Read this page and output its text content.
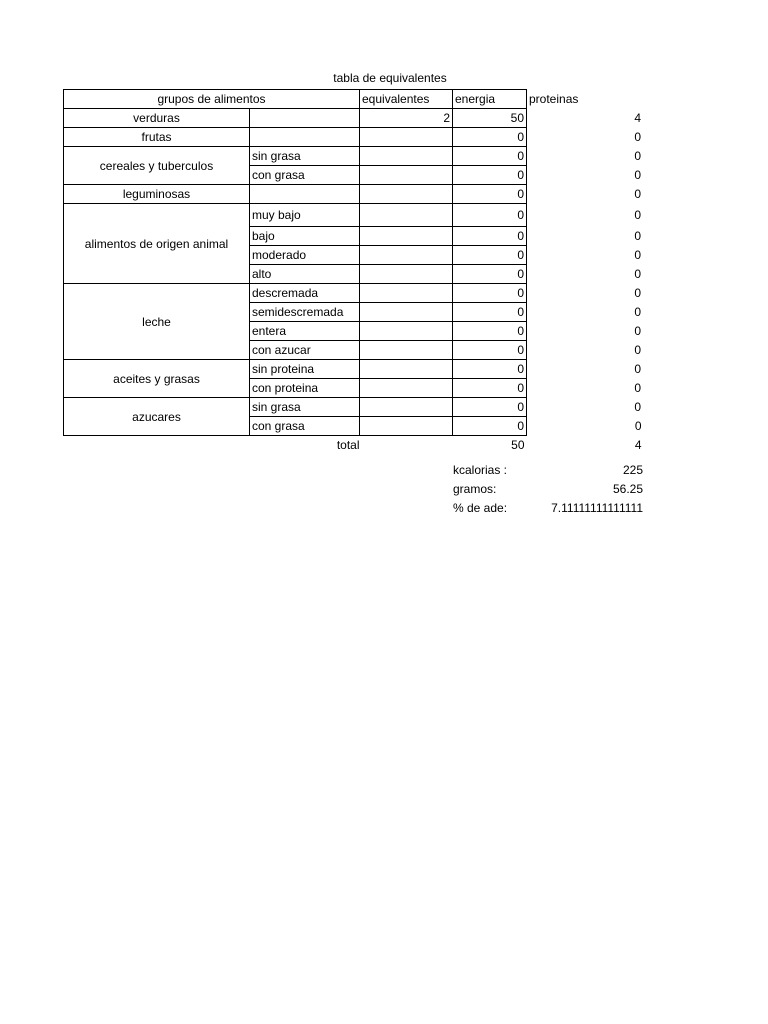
tabla de equivalentes
grupos de alimentos		equivalentes	energia	proteinas
verduras		2	50	4
frutas			0	0
cereales y tuberculos	sin grasa		0	0
	con grasa		0	0
leguminosas			0	0
alimentos de origen animal	muy bajo		0	0
	bajo		0	0
	moderado		0	0
	alto		0	0
leche	descremada		0	0
	semidescremada		0	0
	entera		0	0
	con azucar		0	0
aceites y grasas	sin proteina		0	0
	con proteina		0	0
azucares	sin grasa		0	0
	con grasa		0	0
	total		50	4
kcalorias :	225
gramos:	56.25
% de ade:	7.11111111111111
